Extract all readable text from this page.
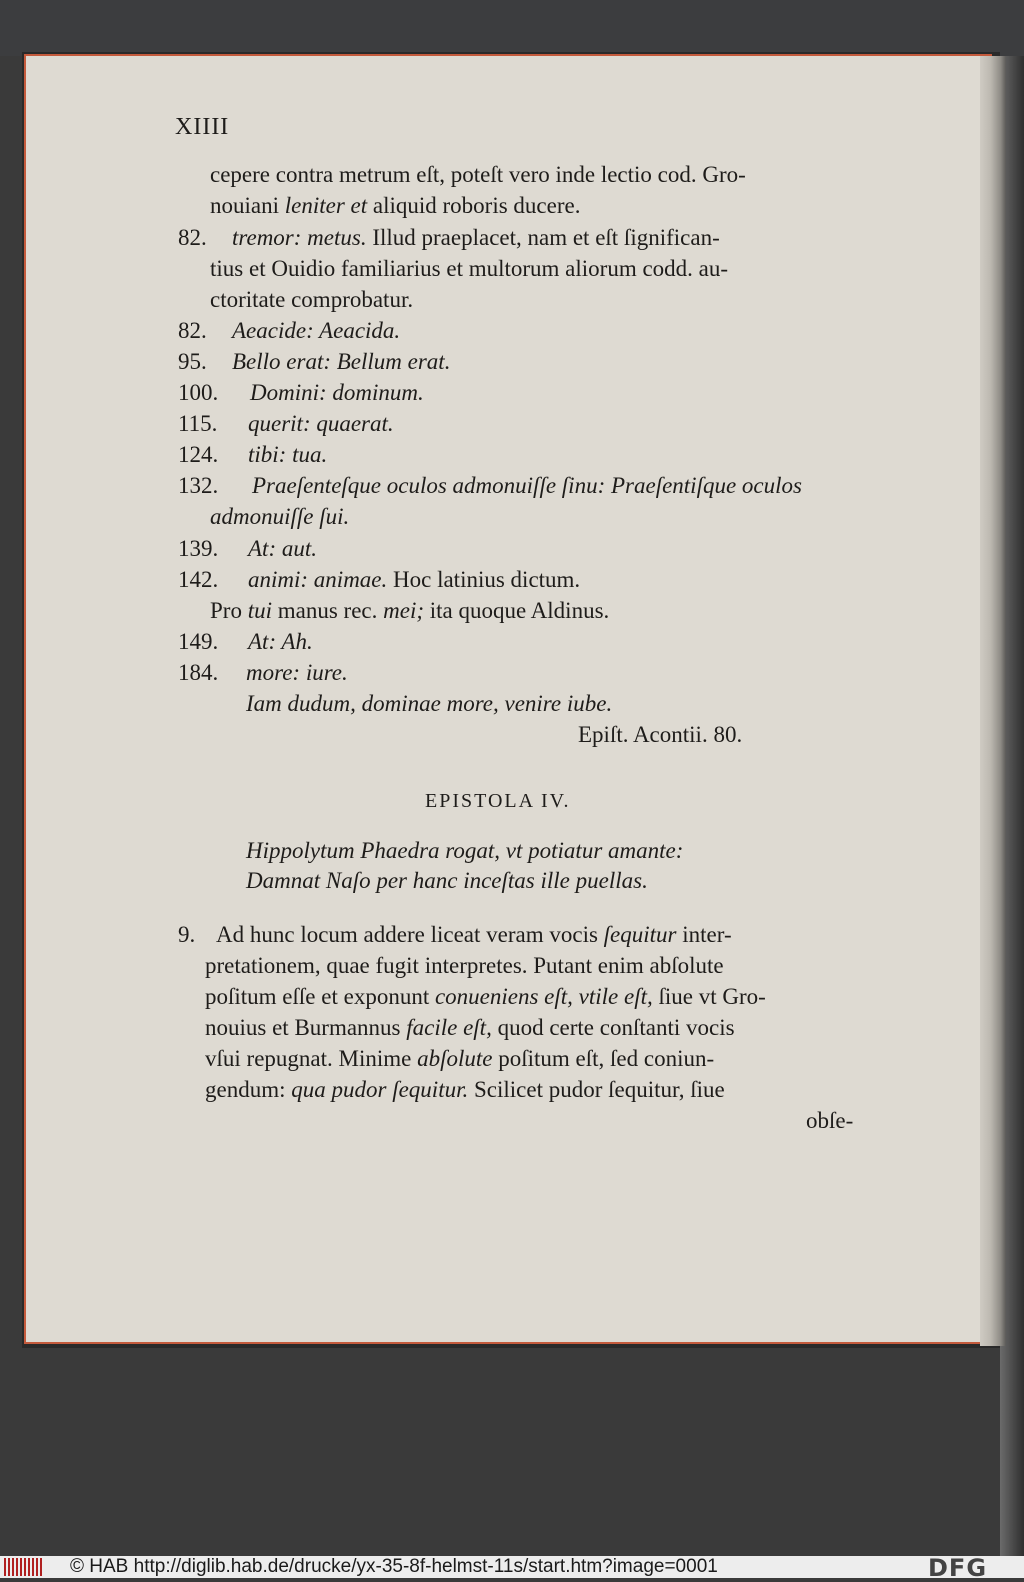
XIIII
cepere contra metrum eſt, poteſt vero inde lectio cod. Gro-
nouiani leniter et aliquid roboris ducere.
82.	tremor: metus. Illud praeplacet, nam et eſt ſignifican-
tius et Ouidio familiarius et multorum aliorum codd. au-
ctoritate comprobatur.
82.	Aeacide: Aeacida.
95.	Bello erat: Bellum erat.
100.	Domini: dominum.
115.	querit: quaerat.
124.	tibi: tua.
132.	Praeſenteſque oculos admonuiſſe ſinu: Praeſentiſque oculos
admonuiſſe ſui.
139.	At: aut.
142.	animi: animae. Hoc latinius dictum.
Pro tui manus rec. mei; ita quoque Aldinus.
149.	At: Ah.
184.	more: iure.
Iam dudum, dominae more, venire iube.
Epiſt. Acontii. 80.
EPISTOLA IV.
Hippolytum Phaedra rogat, vt potiatur amante:
Damnat Naſo per hanc inceſtas ille puellas.
9. Ad hunc locum addere liceat veram vocis ſequitur inter-
pretationem, quae fugit interpretes. Putant enim abſolute
poſitum eſſe et exponunt conueniens eſt, vtile eſt, ſiue vt Gro-
nouius et Burmannus facile eſt, quod certe conſtanti vocis
vſui repugnat. Minime abſolute poſitum eſt, ſed coniun-
gendum: qua pudor ſequitur. Scilicet pudor ſequitur, ſiue
obſe-
© HAB http://diglib.hab.de/drucke/yx-35-8f-helmst-11s/start.htm?image=0001	DFG
